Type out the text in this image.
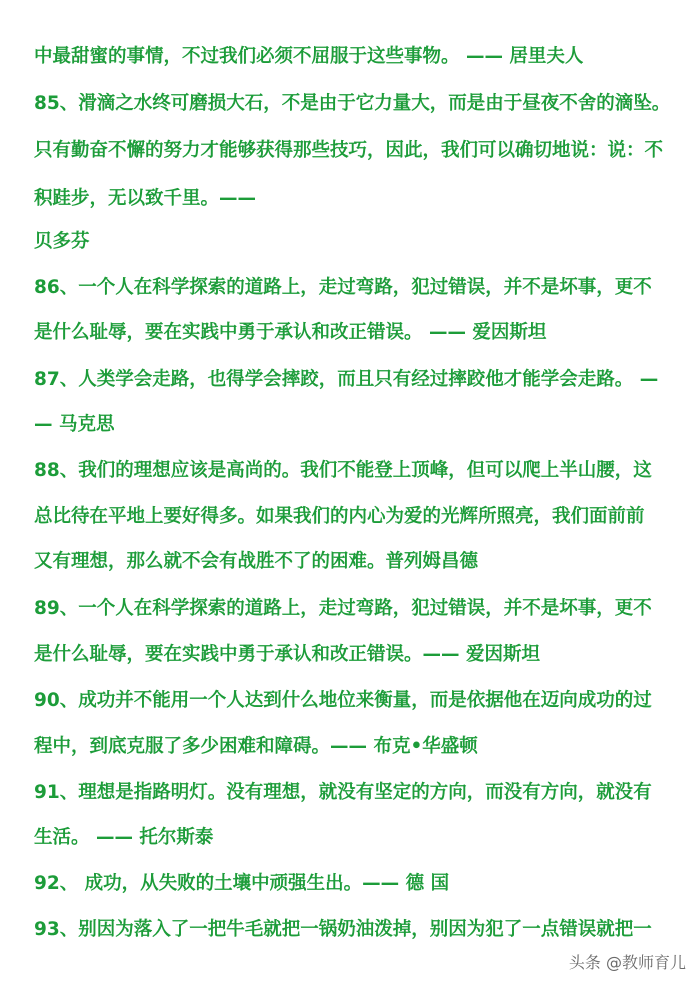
中最甜蜜的事情，不过我们必须不屈服于这些事物。 —— 居里夫人
85、滑滴之水终可磨损大石，不是由于它力量大，而是由于昼夜不舍的滴坠。
只有勤奋不懈的努力才能够获得那些技巧，因此，我们可以确切地说：说：不
积跬步，无以致千里。——
贝多芬
86、一个人在科学探索的道路上，走过弯路，犯过错误，并不是坏事，更不
是什么耻辱，要在实践中勇于承认和改正错误。 —— 爱因斯坦
87、人类学会走路，也得学会摔跤，而且只有经过摔跤他才能学会走路。 —
— 马克思
88、我们的理想应该是高尚的。我们不能登上顶峰，但可以爬上半山腰，这
总比待在平地上要好得多。如果我们的内心为爱的光辉所照亮，我们面前前
又有理想，那么就不会有战胜不了的困难。普列姆昌德
89、一个人在科学探索的道路上，走过弯路，犯过错误，并不是坏事，更不
是什么耻辱，要在实践中勇于承认和改正错误。—— 爱因斯坦
90、成功并不能用一个人达到什么地位来衡量，而是依据他在迈向成功的过
程中，到底克服了多少困难和障碍。—— 布克•华盛顿
91、理想是指路明灯。没有理想，就没有坚定的方向，而没有方向，就没有
生活。 —— 托尔斯泰
92、 成功，从失败的土壤中顽强生出。—— 德 国
93、别因为落入了一把牛毛就把一锅奶油泼掉，别因为犯了一点错误就把一
头条 @教师育儿
